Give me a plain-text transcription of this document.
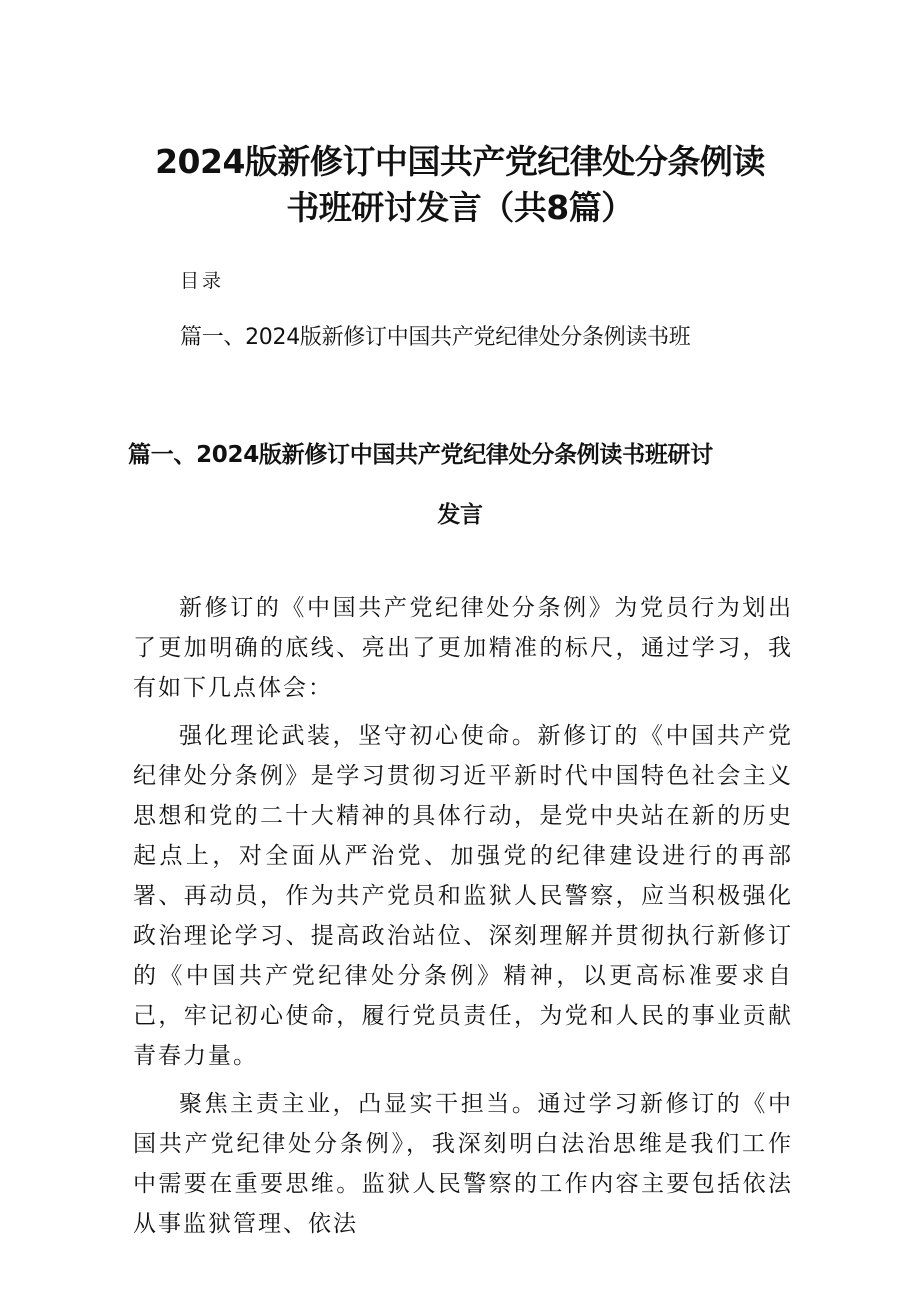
2024版新修订中国共产党纪律处分条例读
书班研讨发言（共8篇）

目录

篇一、2024版新修订中国共产党纪律处分条例读书班

篇一、2024版新修订中国共产党纪律处分条例读书班研讨
发言

新修订的《中国共产党纪律处分条例》为党员行为划出了更加明确的底线、亮出了更加精准的标尺，通过学习，我有如下几点体会：

强化理论武装，坚守初心使命。新修订的《中国共产党纪律处分条例》是学习贯彻习近平新时代中国特色社会主义思想和党的二十大精神的具体行动，是党中央站在新的历史起点上，对全面从严治党、加强党的纪律建设进行的再部署、再动员，作为共产党员和监狱人民警察，应当积极强化政治理论学习、提高政治站位、深刻理解并贯彻执行新修订的《中国共产党纪律处分条例》精神，以更高标准要求自己，牢记初心使命，履行党员责任，为党和人民的事业贡献青春力量。

聚焦主责主业，凸显实干担当。通过学习新修订的《中国共产党纪律处分条例》，我深刻明白法治思维是我们工作中需要在重要思维。监狱人民警察的工作内容主要包括依法从事监狱管理、依法
